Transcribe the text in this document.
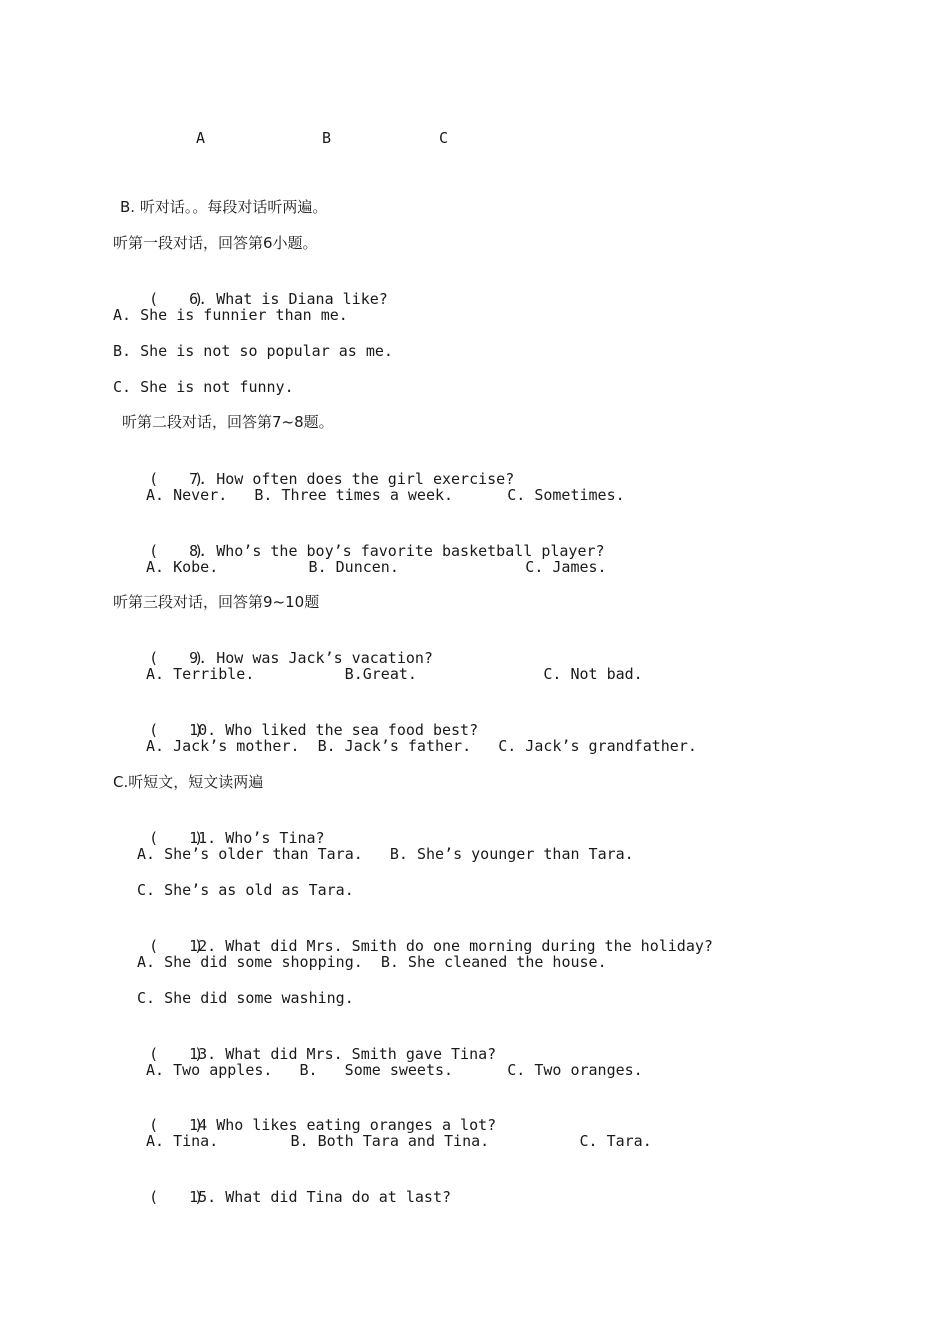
A	B	C
B. 听对话。。每段对话听两遍。
听第一段对话，回答第6小题。

(    )6. What is Diana like?

A. She is funnier than me.
B. She is not so popular as me.
C. She is not funny.
听第二段对话，回答第7~8题。

(    )7. How often does the girl exercise?

A. Never.   B. Three times a week.      C. Sometimes.

(    )8. Who’s the boy’s favorite basketball player?

A. Kobe.          B. Duncen.              C. James.
听第三段对话，回答第9~10题

(    )9. How was Jack’s vacation?

A. Terrible.          B.Great.              C. Not bad.

(    )10. Who liked the sea food best?

A. Jack’s mother.  B. Jack’s father.   C. Jack’s grandfather.
C.听短文，短文读两遍

(    )11. Who’s Tina?

A. She’s older than Tara.   B. She’s younger than Tara.
C. She’s as old as Tara.

(    )12. What did Mrs. Smith do one morning during the holiday?

A. She did some shopping.  B. She cleaned the house.
C. She did some washing.

(    )13. What did Mrs. Smith gave Tina?

A. Two apples.   B.   Some sweets.      C. Two oranges.

(    )14 Who likes eating oranges a lot?

A. Tina.        B. Both Tara and Tina.          C. Tara.

(    )15. What did Tina do at last?
